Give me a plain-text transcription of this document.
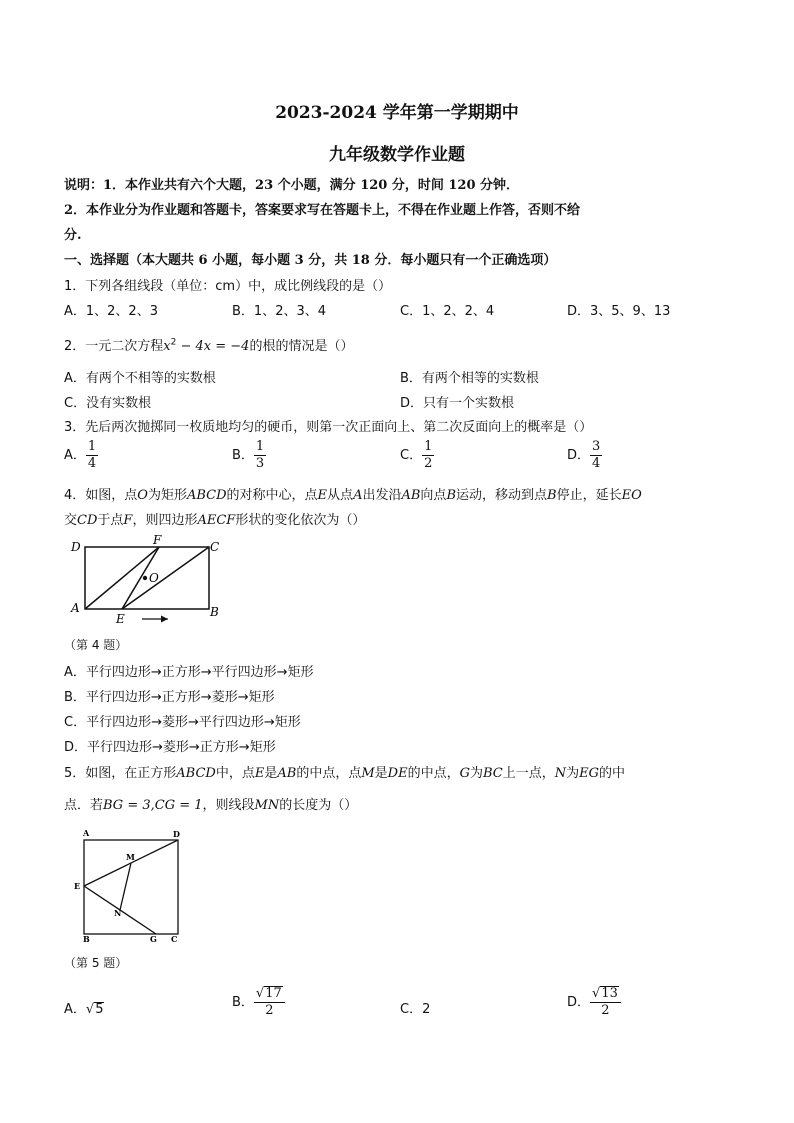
2023-2024 学年第一学期期中
九年级数学作业题
说明：1．本作业共有六个大题，23 个小题，满分 120 分，时间 120 分钟．
2．本作业分为作业题和答题卡，答案要求写在答题卡上，不得在作业题上作答，否则不给
分.
一、选择题（本大题共 6 小题，每小题 3 分，共 18 分．每小题只有一个正确选项）
1．下列各组线段（单位：cm）中，成比例线段的是（）
A．1、2、2、3	B．1、2、3、4	C．1、2、2、4	D．3、5、9、13
2．一元二次方程$x^2 - 4x = -4$的根的情况是（）
A．有两个不相等的实数根	B．有两个相等的实数根
C．没有实数根	D．只有一个实数根
3．先后两次抛掷同一枚质地均匀的硬币，则第一次正面向上、第二次反面向上的概率是（）
A． $\frac{1}{4}$	B． $\frac{1}{3}$	C． $\frac{1}{2}$	D． $\frac{3}{4}$
4．如图，点O为矩形ABCD的对称中心，点E从点A出发沿AB向点B运动，移动到点B停止，延长EO
交CD于点F，则四边形AECF形状的变化依次为（）
D	F	C
O
A
E	B
（第 4 题）
A．平行四边形→正方形→平行四边形→矩形
B．平行四边形→正方形→菱形→矩形
C．平行四边形→菱形→平行四边形→矩形
D．平行四边形→菱形→正方形→矩形
5．如图，在正方形ABCD中，点E是AB的中点，点M是DE的中点，G为BC上一点，N为EG的中
点．若BG = 3,CG = 1，则线段MN的长度为（）
A	D
M
E
N
B	G C
（第 5 题）
A．√5	B． $\frac{√17}{2}$	C．2	D． $\frac{√13}{2}$
